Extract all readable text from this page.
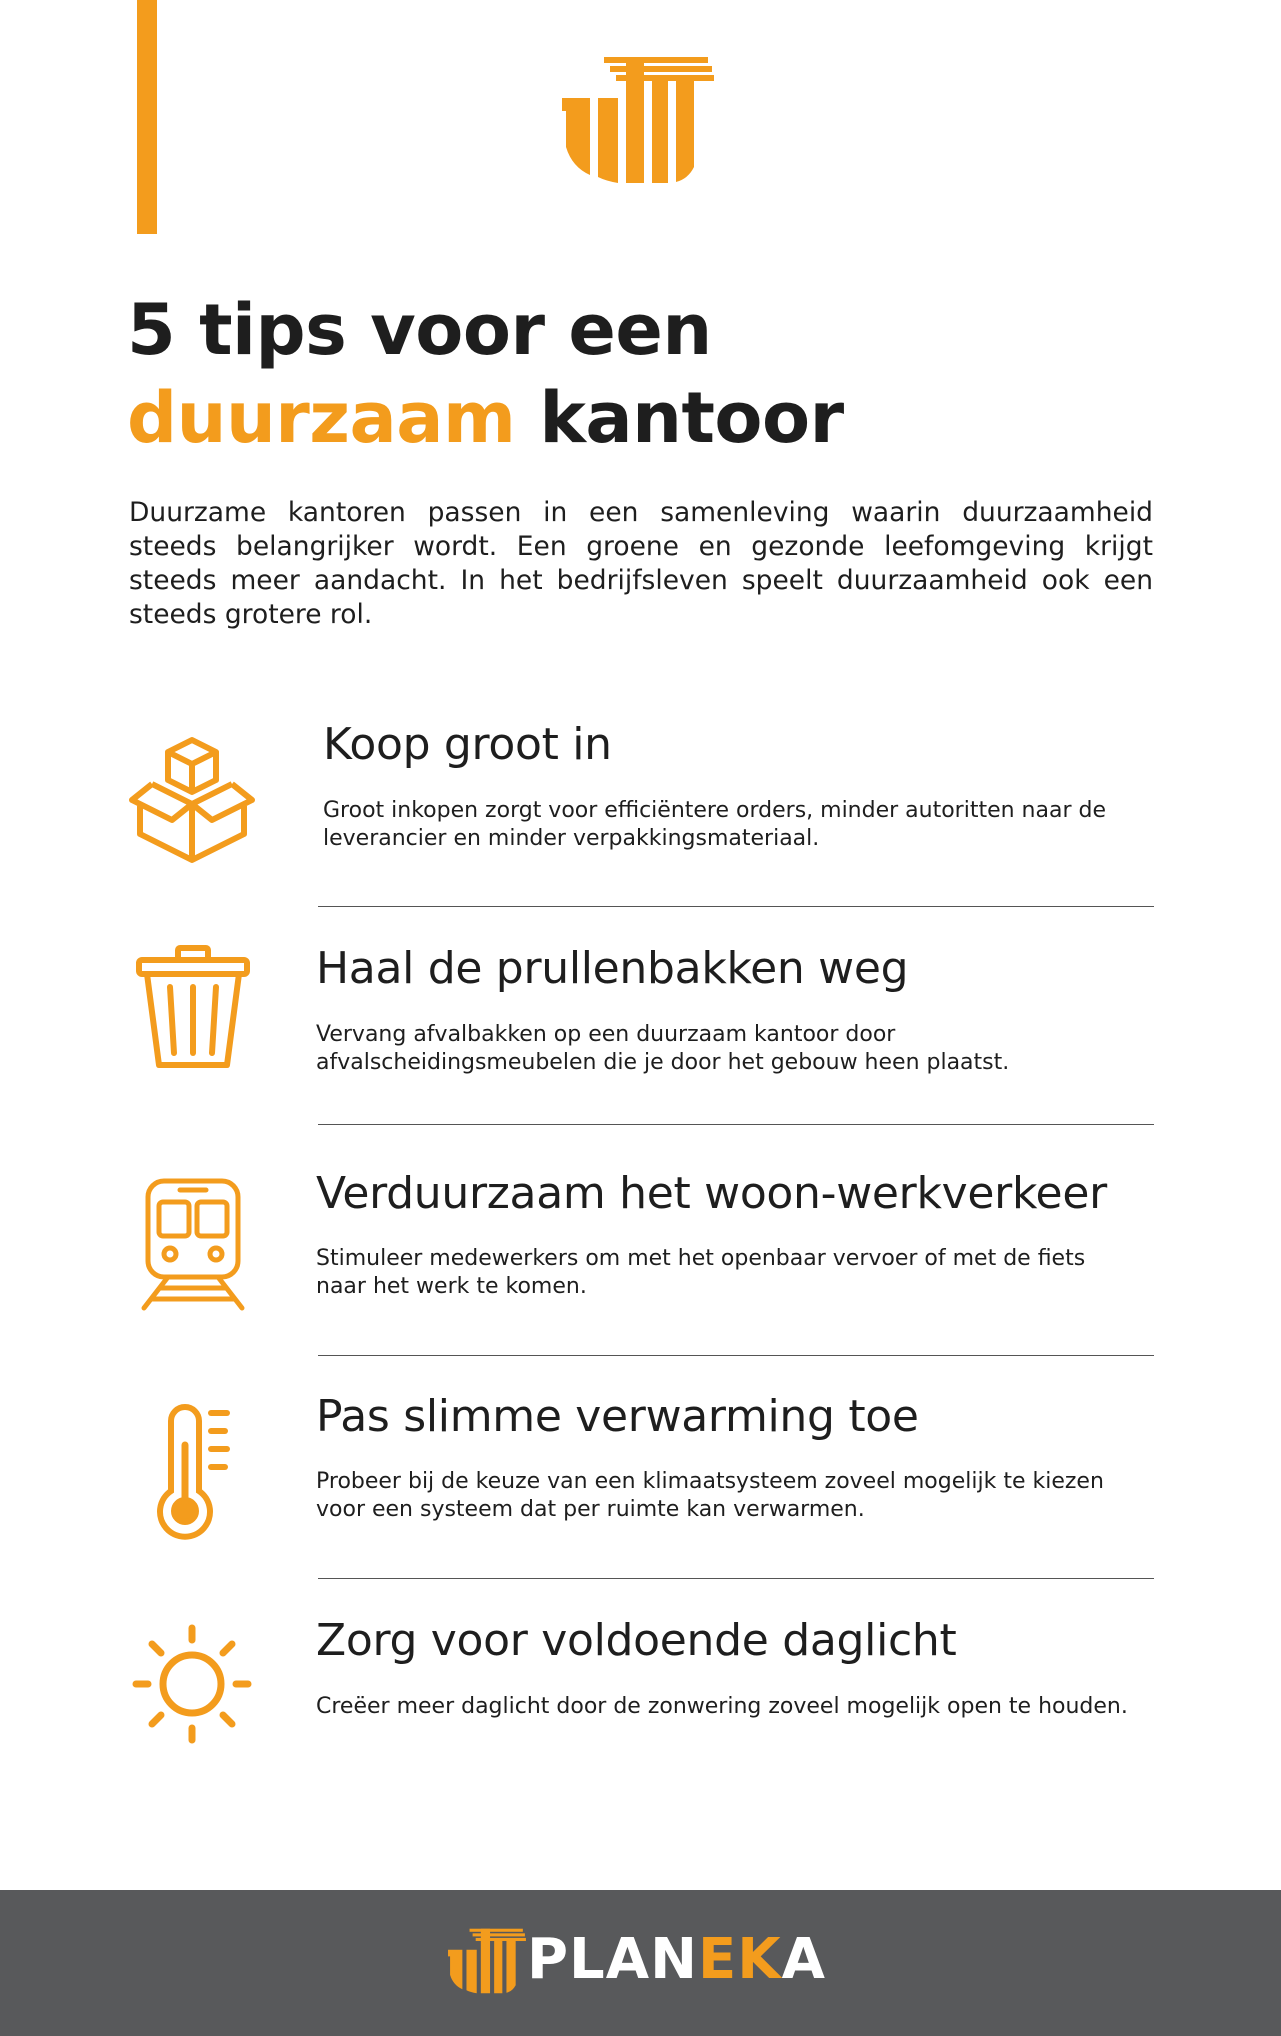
5 tips voor een
duurzaam kantoor

Duurzame kantoren passen in een samenleving waarin duurzaamheid steeds belangrijker wordt. Een groene en gezonde leefomgeving krijgt steeds meer aandacht. In het bedrijfsleven speelt duurzaamheid ook een steeds grotere rol.

Koop groot in
Groot inkopen zorgt voor efficiëntere orders, minder autoritten naar de leverancier en minder verpakkingsmateriaal.
Haal de prullenbakken weg
Vervang afvalbakken op een duurzaam kantoor door afvalscheidingsmeubelen die je door het gebouw heen plaatst.
Verduurzaam het woon-werkverkeer
Stimuleer medewerkers om met het openbaar vervoer of met de fiets naar het werk te komen.
Pas slimme verwarming toe
Probeer bij de keuze van een klimaatsysteem zoveel mogelijk te kiezen voor een systeem dat per ruimte kan verwarmen.
Zorg voor voldoende daglicht
Creëer meer daglicht door de zonwering zoveel mogelijk open te houden.
PLANEKA
